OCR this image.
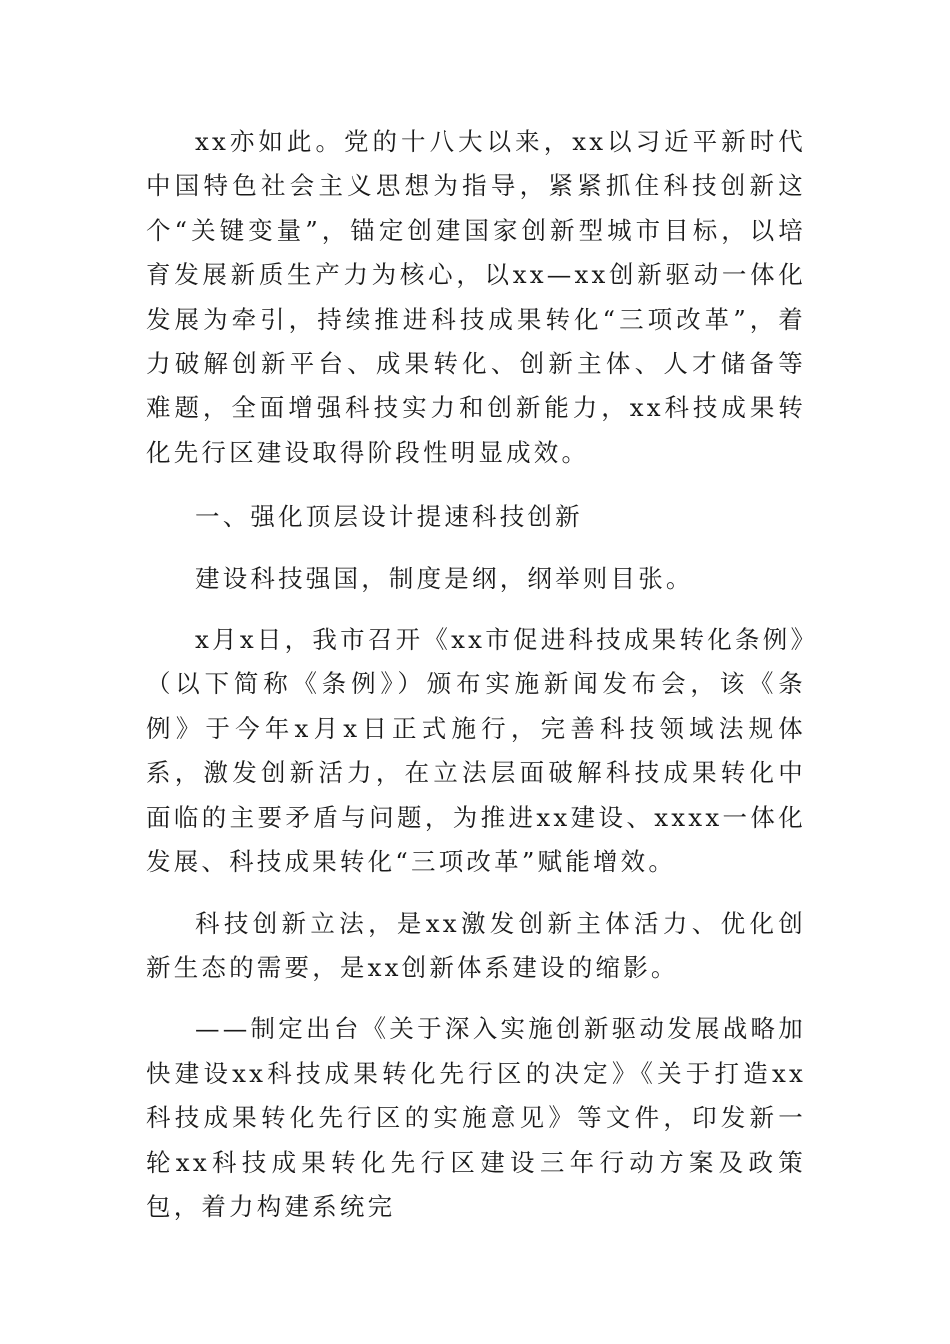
xx亦如此。党的十八大以来，xx以习近平新时代中国特色社会主义思想为指导，紧紧抓住科技创新这个“关键变量”，锚定创建国家创新型城市目标，以培育发展新质生产力为核心，以xx—xx创新驱动一体化发展为牵引，持续推进科技成果转化“三项改革”，着力破解创新平台、成果转化、创新主体、人才储备等难题，全面增强科技实力和创新能力，xx科技成果转化先行区建设取得阶段性明显成效。

一、强化顶层设计提速科技创新

建设科技强国，制度是纲，纲举则目张。

x月x日，我市召开《xx市促进科技成果转化条例》（以下简称《条例》）颁布实施新闻发布会，该《条例》于今年x月x日正式施行，完善科技领域法规体系，激发创新活力，在立法层面破解科技成果转化中面临的主要矛盾与问题，为推进xx建设、xxxx一体化发展、科技成果转化“三项改革”赋能增效。

科技创新立法，是xx激发创新主体活力、优化创新生态的需要，是xx创新体系建设的缩影。

——制定出台《关于深入实施创新驱动发展战略加快建设xx科技成果转化先行区的决定》《关于打造xx科技成果转化先行区的实施意见》等文件，印发新一轮xx科技成果转化先行区建设三年行动方案及政策包，着力构建系统完
